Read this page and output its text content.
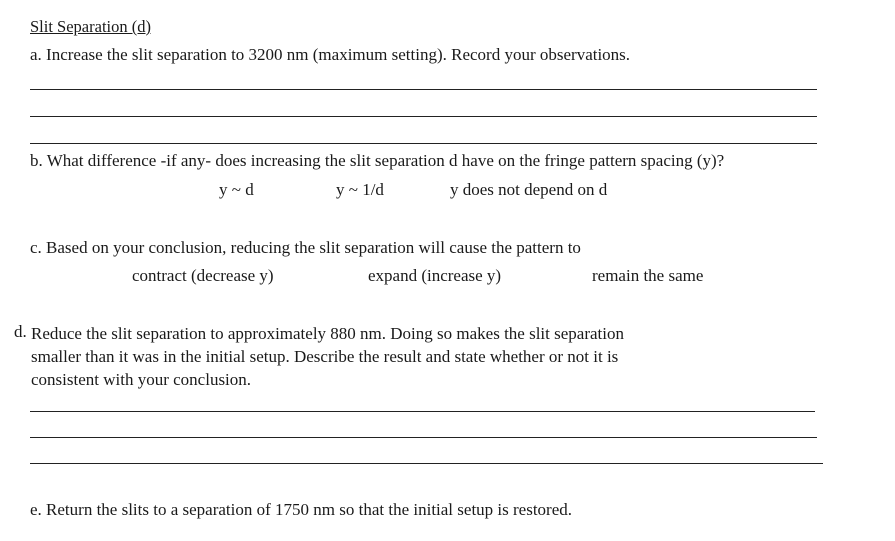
Slit Separation (d)
a. Increase the slit separation to 3200 nm (maximum setting). Record your observations.
b. What difference -if any- does increasing the slit separation d have on the fringe pattern spacing (y)?
y ~ d	y ~ 1/d	y does not depend on d
c. Based on your conclusion, reducing the slit separation will cause the pattern to
contract (decrease y)	expand (increase y)	remain the same
d. Reduce the slit separation to approximately 880 nm. Doing so makes the slit separation
smaller than it was in the initial setup. Describe the result and state whether or not it is
consistent with your conclusion.
e. Return the slits to a separation of 1750 nm so that the initial setup is restored.
